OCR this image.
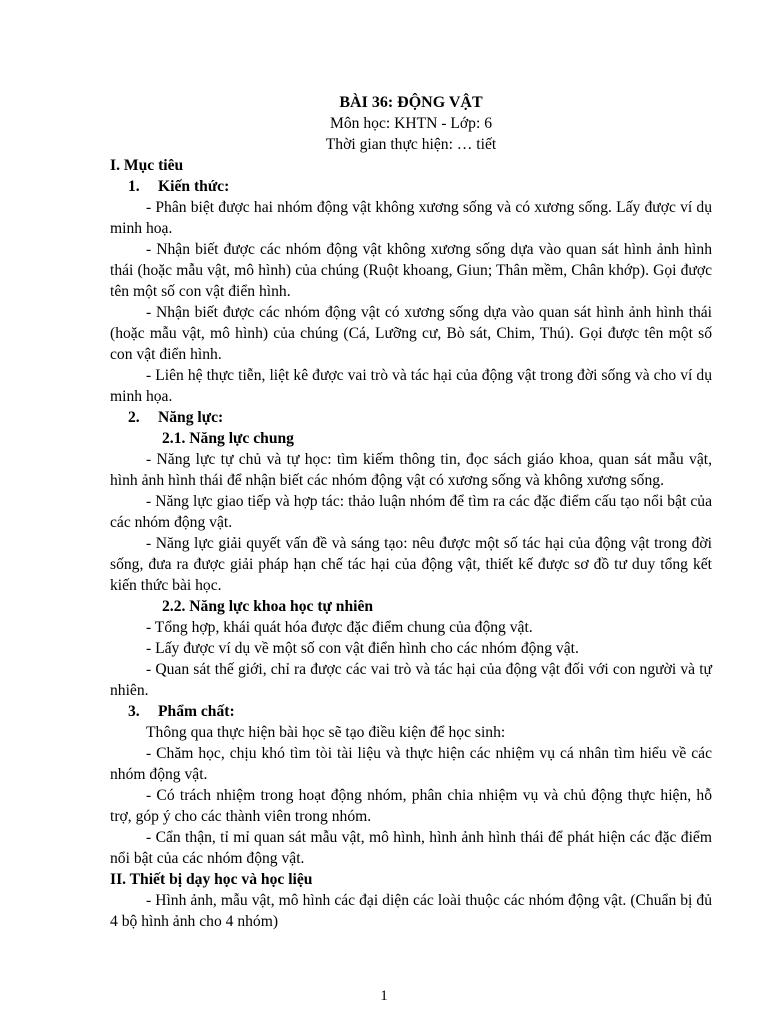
BÀI 36: ĐỘNG VẬT
Môn học: KHTN - Lớp: 6
Thời gian thực hiện: … tiết
I. Mục tiêu
1.	Kiến thức:

- Phân biệt được hai nhóm động vật không xương sống và có xương sống. Lấy được ví dụ minh hoạ.

- Nhận biết được các nhóm động vật không xương sống dựa vào quan sát hình ảnh hình thái (hoặc mẫu vật, mô hình) của chúng (Ruột khoang, Giun; Thân mềm, Chân khớp). Gọi được tên một số con vật điển hình.

- Nhận biết được các nhóm động vật có xương sống dựa vào quan sát hình ảnh hình thái (hoặc mẫu vật, mô hình) của chúng (Cá, Lưỡng cư, Bò sát, Chim, Thú). Gọi được tên một số con vật điển hình.

- Liên hệ thực tiễn, liệt kê được vai trò và tác hại của động vật trong đời sống và cho ví dụ minh họa.

2.	Năng lực:
2.1. Năng lực chung

- Năng lực tự chủ và tự học: tìm kiếm thông tin, đọc sách giáo khoa, quan sát mẫu vật, hình ảnh hình thái để nhận biết các nhóm động vật có xương sống và không xương sống.

- Năng lực giao tiếp và hợp tác: thảo luận nhóm để tìm ra các đặc điểm cấu tạo nổi bật của các nhóm động vật.

- Năng lực giải quyết vấn đề và sáng tạo: nêu được một số tác hại của động vật trong đời sống, đưa ra được giải pháp hạn chế tác hại của động vật, thiết kế được sơ đồ tư duy tổng kết kiến thức bài học.

2.2. Năng lực khoa học tự nhiên

- Tổng hợp, khái quát hóa được đặc điểm chung của động vật.

- Lấy được ví dụ về một số con vật điển hình cho các nhóm động vật.

- Quan sát thế giới, chỉ ra được các vai trò và tác hại của động vật đối với con người và tự nhiên.

3.	Phẩm chất:

Thông qua thực hiện bài học sẽ tạo điều kiện để học sinh:

- Chăm học, chịu khó tìm tòi tài liệu và thực hiện các nhiệm vụ cá nhân tìm hiểu về các nhóm động vật.

- Có trách nhiệm trong hoạt động nhóm, phân chia nhiệm vụ và chủ động thực hiện, hỗ trợ, góp ý cho các thành viên trong nhóm.

- Cẩn thận, tỉ mỉ quan sát mẫu vật, mô hình, hình ảnh hình thái để phát hiện các đặc điểm nổi bật của các nhóm động vật.

II. Thiết bị dạy học và học liệu

- Hình ảnh, mẫu vật, mô hình các đại diện các loài thuộc các nhóm động vật. (Chuẩn bị đủ 4 bộ hình ảnh cho 4 nhóm)

1
